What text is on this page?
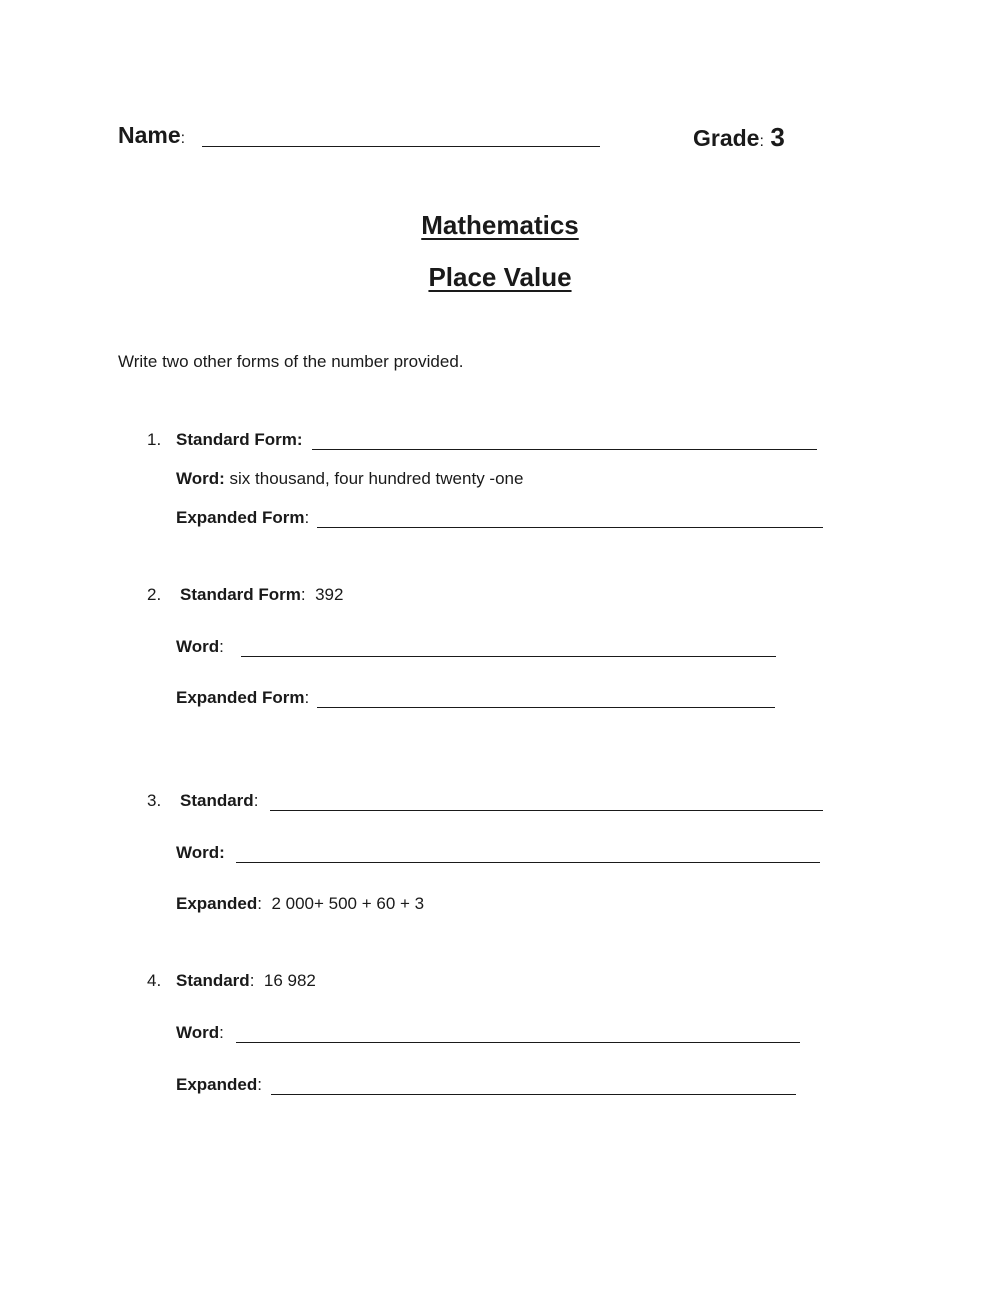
Name:	Grade: 3
Mathematics
Place Value
Write two other forms of the number provided.
1. Standard Form:
Word: six thousand, four hundred twenty -one
Expanded Form:
2. Standard Form: 392
Word:
Expanded Form:
3. Standard:
Word:
Expanded: 2 000+ 500 + 60 + 3
4. Standard: 16 982
Word:
Expanded:
